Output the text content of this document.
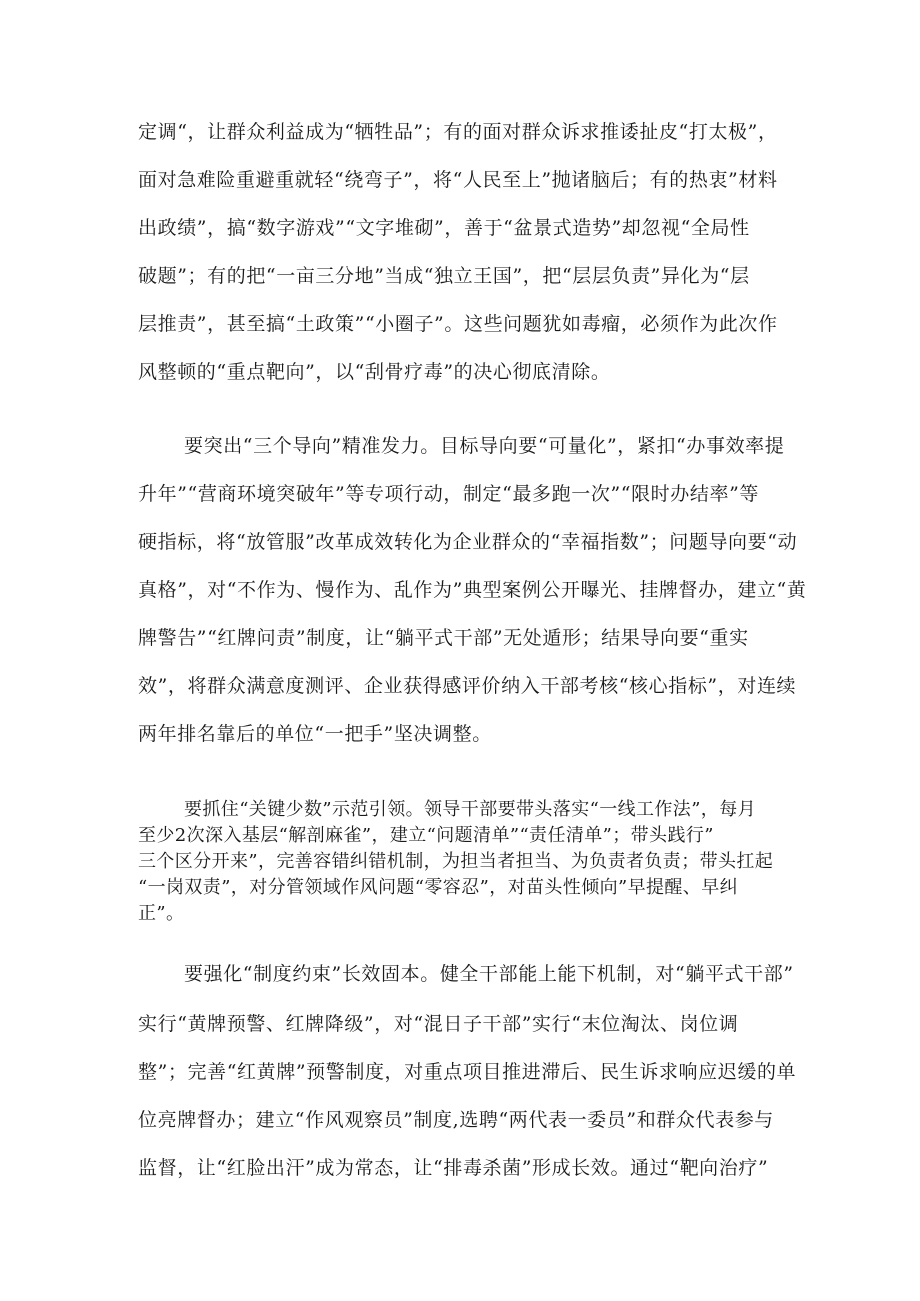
定调“，让群众利益成为“牺牲品”；有的面对群众诉求推诿扯皮“打太极”，
面对急难险重避重就轻“绕弯子”，将“人民至上”抛诸脑后；有的热衷”材料
出政绩”，搞“数字游戏”“文字堆砌”，善于“盆景式造势”却忽视“全局性
破题”；有的把“一亩三分地”当成“独立王国”，把“层层负责”异化为“层
层推责”，甚至搞“土政策”“小圈子”。这些问题犹如毒瘤，必须作为此次作
风整顿的“重点靶向”，以“刮骨疗毒”的决心彻底清除。
要突出“三个导向”精准发力。目标导向要“可量化”，紧扣“办事效率提
升年”“营商环境突破年”等专项行动，制定“最多跑一次”“限时办结率”等
硬指标，将“放管服”改革成效转化为企业群众的“幸福指数”；问题导向要“动
真格”，对“不作为、慢作为、乱作为”典型案例公开曝光、挂牌督办，建立“黄
牌警告”“红牌问责”制度，让“躺平式干部”无处遁形；结果导向要“重实
效”，将群众满意度测评、企业获得感评价纳入干部考核“核心指标”，对连续
两年排名靠后的单位“一把手”坚决调整。
要抓住“关键少数”示范引领。领导干部要带头落实“一线工作法”，每月
至少2次深入基层“解剖麻雀”，建立“问题清单”“责任清单”；带头践行”
三个区分开来”，完善容错纠错机制，为担当者担当、为负责者负责；带头扛起
“一岗双责”，对分管领域作风问题“零容忍”，对苗头性倾向”早提醒、早纠
正”。
要强化“制度约束”长效固本。健全干部能上能下机制，对“躺平式干部”
实行“黄牌预警、红牌降级”，对“混日子干部”实行“末位淘汰、岗位调
整”；完善“红黄牌”预警制度，对重点项目推进滞后、民生诉求响应迟缓的单
位亮牌督办；建立“作风观察员”制度,选聘“两代表一委员”和群众代表参与
监督，让“红脸出汗”成为常态，让“排毒杀菌”形成长效。通过“靶向治疗”
